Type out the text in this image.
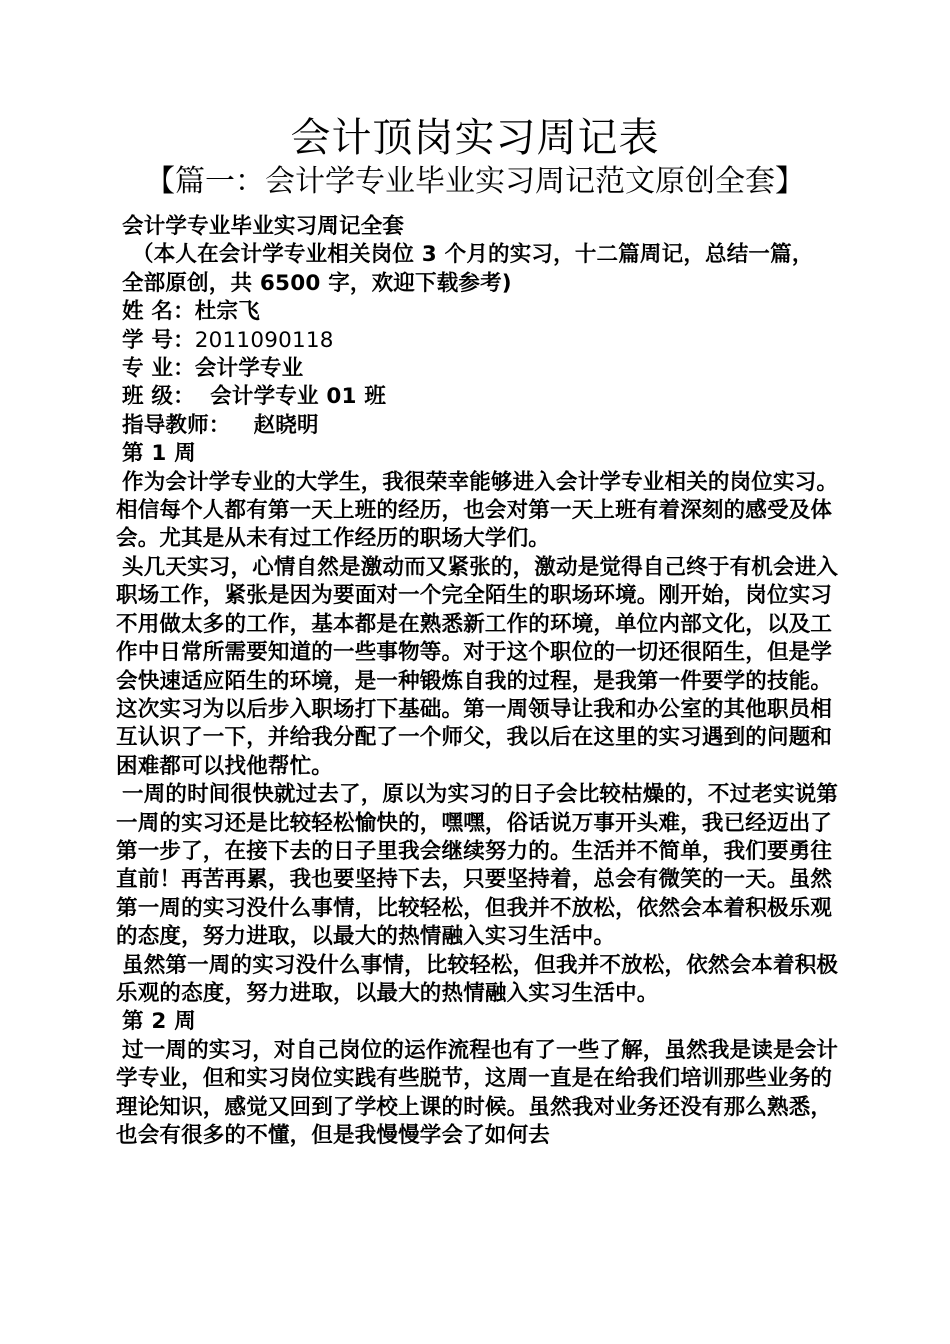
会计顶岗实习周记表
【篇一：会计学专业毕业实习周记范文原创全套】

会计学专业毕业实习周记全套

（本人在会计学专业相关岗位 3 个月的实习，十二篇周记，总结一篇，

全部原创，共 6500 字，欢迎下载参考)

姓 名：杜宗飞

学 号：2011090118

专 业：会计学专业

班 级： 会计学专业 01 班

指导教师： 赵晓明

第 1 周

作为会计学专业的大学生，我很荣幸能够进入会计学专业相关的岗位实习。相信每个人都有第一天上班的经历，也会对第一天上班有着深刻的感受及体会。尤其是从未有过工作经历的职场大学们。

头几天实习，心情自然是激动而又紧张的，激动是觉得自己终于有机会进入职场工作，紧张是因为要面对一个完全陌生的职场环境。刚开始，岗位实习不用做太多的工作，基本都是在熟悉新工作的环境，单位内部文化，以及工作中日常所需要知道的一些事物等。对于这个职位的一切还很陌生，但是学会快速适应陌生的环境，是一种锻炼自我的过程，是我第一件要学的技能。这次实习为以后步入职场打下基础。第一周领导让我和办公室的其他职员相互认识了一下，并给我分配了一个师父，我以后在这里的实习遇到的问题和困难都可以找他帮忙。

一周的时间很快就过去了，原以为实习的日子会比较枯燥的，不过老实说第一周的实习还是比较轻松愉快的，嘿嘿，俗话说万事开头难，我已经迈出了第一步了，在接下去的日子里我会继续努力的。生活并不简单，我们要勇往直前！再苦再累，我也要坚持下去，只要坚持着，总会有微笑的一天。虽然第一周的实习没什么事情，比较轻松，但我并不放松，依然会本着积极乐观的态度，努力进取，以最大的热情融入实习生活中。

虽然第一周的实习没什么事情，比较轻松，但我并不放松，依然会本着积极乐观的态度，努力进取，以最大的热情融入实习生活中。

第 2 周

过一周的实习，对自己岗位的运作流程也有了一些了解，虽然我是读是会计学专业，但和实习岗位实践有些脱节，这周一直是在给我们培训那些业务的理论知识，感觉又回到了学校上课的时候。虽然我对业务还没有那么熟悉，也会有很多的不懂，但是我慢慢学会了如何去
